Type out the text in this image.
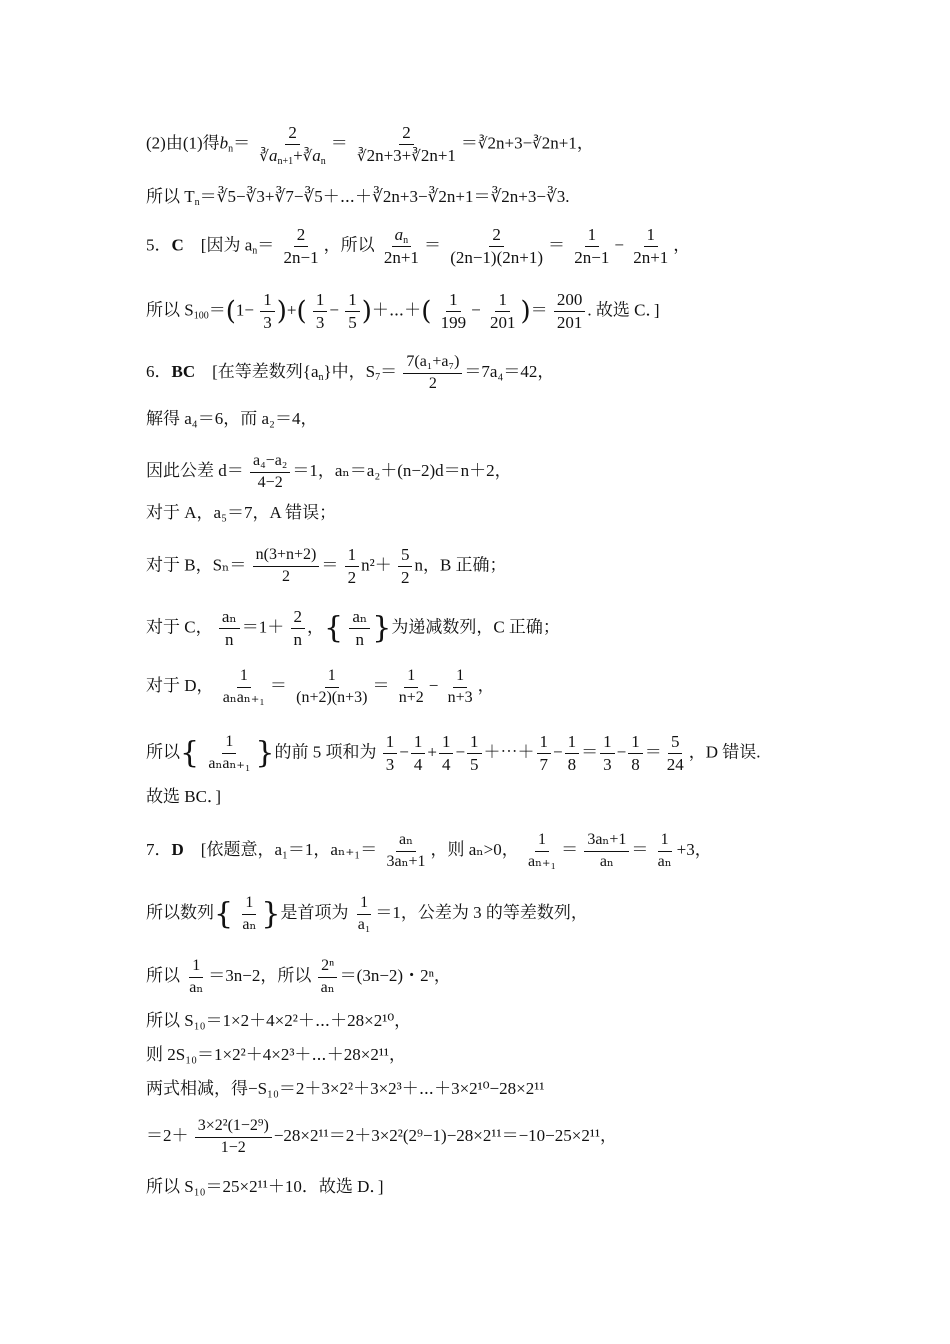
(2)由(1)得$b_n= \frac{2}{∛a_{n+1}+∛a_n} = \frac{2}{∛2n+3+∛2n+1}$ ＝∛2n+3−∛2n+1，
所以 $T_n=∛5-∛3+∛7-∛5+\cdots+∛2n+3-∛2n+1=∛2n+3-∛3$.
5．C　[因为 $a_n= \frac{2}{2n-1}$ ，所以 $\frac{a_n}{2n+1} = \frac{2}{(2n-1)(2n+1)} = \frac{1}{2n-1} - \frac{1}{2n+1}$ ，
所以 $S_{100}=(1- \frac{1}{3}$ )+( $\frac{1}{3} - \frac{1}{5}$ )＋⋯＋( $\frac{1}{199} - \frac{1}{201}$ )＝ $\frac{200}{201}$ . 故选 C．]
6．BC　[在等差数列$\{a_n\}$中，$S_7= \frac{\text{7(a₁+a₇)}}{2} =7a_4=42$，
解得 a₄＝6，而 a₂＝4，
因此公差 $d= \frac{\text{a₄−a₂}}{4-2} =1$，aₙ＝a₂＋(n−2)d＝n＋2，
对于 A，a₅＝7，A 错误；
对于 B，$S_n= \frac{n(3+n+2)}{2} = \frac{1}{2} n^2+ \frac{5}{2}$ n，B 正确；
对于 C， $\frac{\text{aₙ}}{n} =1+ \frac{2}{n}$ ，{ $\frac{\text{aₙ}}{n}$ }为递减数列，C 正确；
对于 D， $\frac{1}{\text{aₙaₙ₊₁}} = \frac{1}{(n+2)(n+3)} = \frac{1}{n+2} - \frac{1}{n+3}$ ，
所以{ $\frac{1}{\text{aₙaₙ₊₁}}$ }的前 5 项和为 $\frac{1}{3} - \frac{1}{4} + \frac{1}{4} - \frac{1}{5}$ ＋⋯＋ $\frac{1}{7} - \frac{1}{8} = \frac{1}{3} - \frac{1}{8} = \frac{5}{24}$ ，D 错误.
故选 BC．]
7．D　[依题意，a₁＝1，$a_{n+1}= \frac{\text{aₙ}}{\text{3aₙ+1}}$ ，则 aₙ>0， $\frac{1}{\text{aₙ₊₁}} = \frac{\text{3aₙ+1}}{\text{aₙ}} = \frac{1}{\text{aₙ}} +3$，
所以数列{ $\frac{1}{\text{aₙ}}$ }是首项为 $\frac{1}{\text{a₁}} =1$，公差为 3 的等差数列，
所以 $\frac{1}{\text{aₙ}} =3n-2$，所以 $\frac{\text{2ⁿ}}{\text{aₙ}} =(3n-2)$・2ⁿ，
所以 S₁₀＝1×2＋4×2²＋⋯＋28×2¹⁰，
则 2S₁₀＝1×2²＋4×2³＋⋯＋28×2¹¹，
两式相减，得−S₁₀＝2＋3×2²＋3×2³＋⋯＋3×2¹⁰−28×2¹¹
$=2+ \frac{\text{3×2²(1−2⁹)}}{1-2} -28\times 2^{11}=2+3\times 2^2(2^9-1)-28\times 2^{11}=-10-25\times 2^{11}$，
所以 S₁₀＝25×2¹¹＋10．故选 D．]
